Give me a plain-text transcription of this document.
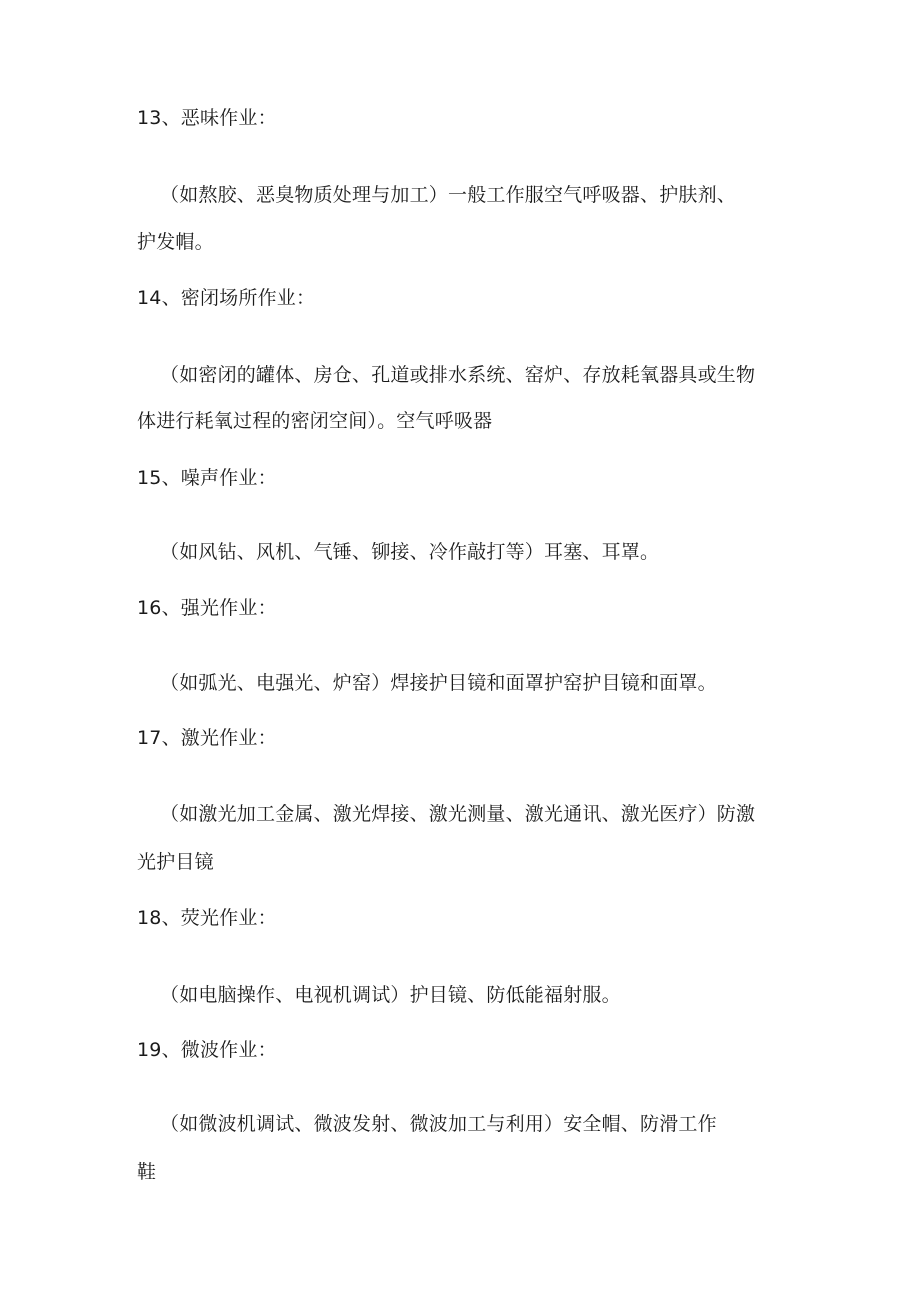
13、恶味作业：
（如熬胶、恶臭物质处理与加工）一般工作服空气呼吸器、护肤剂、
护发帽。
14、密闭场所作业：
（如密闭的罐体、房仓、孔道或排水系统、窑炉、存放耗氧器具或生物
体进行耗氧过程的密闭空间）。空气呼吸器
15、噪声作业：
（如风钻、风机、气锤、铆接、冷作敲打等）耳塞、耳罩。
16、强光作业：
（如弧光、电强光、炉窑）焊接护目镜和面罩护窑护目镜和面罩。
17、激光作业：
（如激光加工金属、激光焊接、激光测量、激光通讯、激光医疗）防激
光护目镜
18、荧光作业：
（如电脑操作、电视机调试）护目镜、防低能福射服。
19、微波作业：
（如微波机调试、微波发射、微波加工与利用）安全帽、防滑工作
鞋
